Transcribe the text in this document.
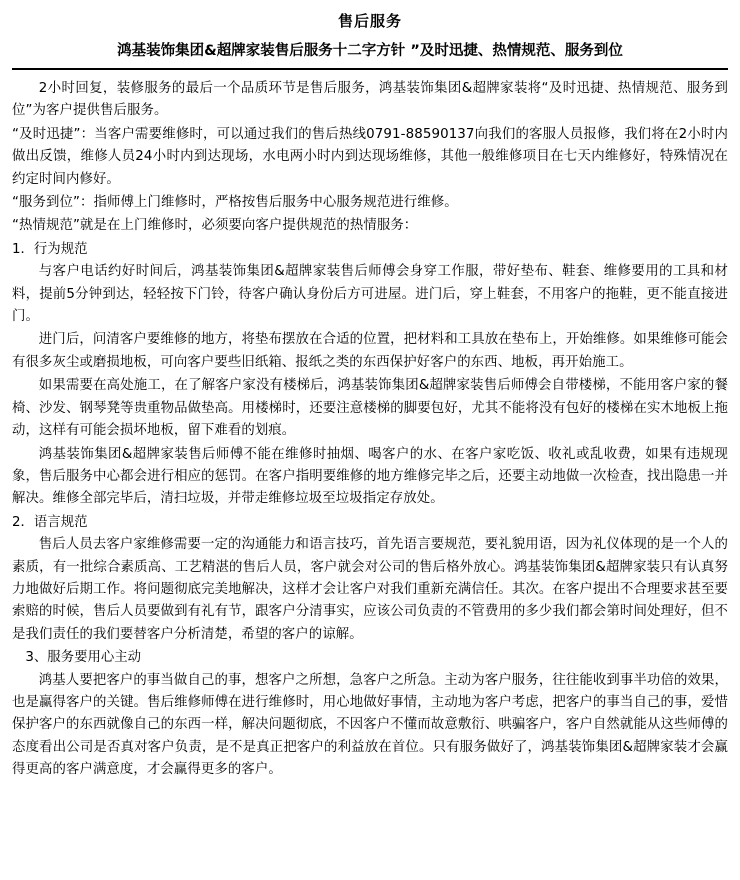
售后服务
鸿基装饰集团&超牌家装售后服务十二字方针 ”及时迅捷、热情规范、服务到位

2小时回复，装修服务的最后一个品质环节是售后服务，鸿基装饰集团&超牌家装将“及时迅捷、热情规范、服务到位”为客户提供售后服务。

“及时迅捷”：当客户需要维修时，可以通过我们的售后热线0791-88590137向我们的客服人员报修，我们将在2小时内做出反馈，维修人员24小时内到达现场，水电两小时内到达现场维修，其他一般维修项目在七天内维修好，特殊情况在约定时间内修好。

“服务到位”：指师傅上门维修时，严格按售后服务中心服务规范进行维修。

“热情规范”就是在上门维修时，必须要向客户提供规范的热情服务：

1．行为规范

与客户电话约好时间后，鸿基装饰集团&超牌家装售后师傅会身穿工作服，带好垫布、鞋套、维修要用的工具和材料，提前5分钟到达，轻轻按下门铃，待客户确认身份后方可进屋。进门后，穿上鞋套，不用客户的拖鞋，更不能直接进门。

进门后，问清客户要维修的地方，将垫布摆放在合适的位置，把材料和工具放在垫布上，开始维修。如果维修可能会有很多灰尘或磨损地板，可向客户要些旧纸箱、报纸之类的东西保护好客户的东西、地板，再开始施工。

如果需要在高处施工，在了解客户家没有楼梯后，鸿基装饰集团&超牌家装售后师傅会自带楼梯，不能用客户家的餐椅、沙发、钢琴凳等贵重物品做垫高。用楼梯时，还要注意楼梯的脚要包好，尤其不能将没有包好的楼梯在实木地板上拖动，这样有可能会损坏地板，留下难看的划痕。

鸿基装饰集团&超牌家装售后师傅不能在维修时抽烟、喝客户的水、在客户家吃饭、收礼或乱收费，如果有违规现象，售后服务中心都会进行相应的惩罚。在客户指明要维修的地方维修完毕之后，还要主动地做一次检查，找出隐患一并解决。维修全部完毕后，清扫垃圾，并带走维修垃圾至垃圾指定存放处。

2．语言规范

售后人员去客户家维修需要一定的沟通能力和语言技巧，首先语言要规范，要礼貌用语，因为礼仪体现的是一个人的素质，有一批综合素质高、工艺精湛的售后人员，客户就会对公司的售后格外放心。鸿基装饰集团&超牌家装只有认真努力地做好后期工作。将问题彻底完美地解决，这样才会让客户对我们重新充满信任。其次。在客户提出不合理要求甚至要索赔的时候，售后人员要做到有礼有节，跟客户分清事实，应该公司负责的不管费用的多少我们都会第时间处理好，但不是我们责任的我们要替客户分析清楚，希望的客户的谅解。

3、服务要用心主动

鸿基人要把客户的事当做自己的事，想客户之所想，急客户之所急。主动为客户服务，往往能收到事半功倍的效果，也是赢得客户的关键。售后维修师傅在进行维修时，用心地做好事情，主动地为客户考虑，把客户的事当自己的事，爱惜保护客户的东西就像自己的东西一样，解决问题彻底，不因客户不懂而故意敷衍、哄骗客户，客户自然就能从这些师傅的态度看出公司是否真对客户负责，是不是真正把客户的利益放在首位。只有服务做好了，鸿基装饰集团&超牌家装才会赢得更高的客户满意度，才会赢得更多的客户。
